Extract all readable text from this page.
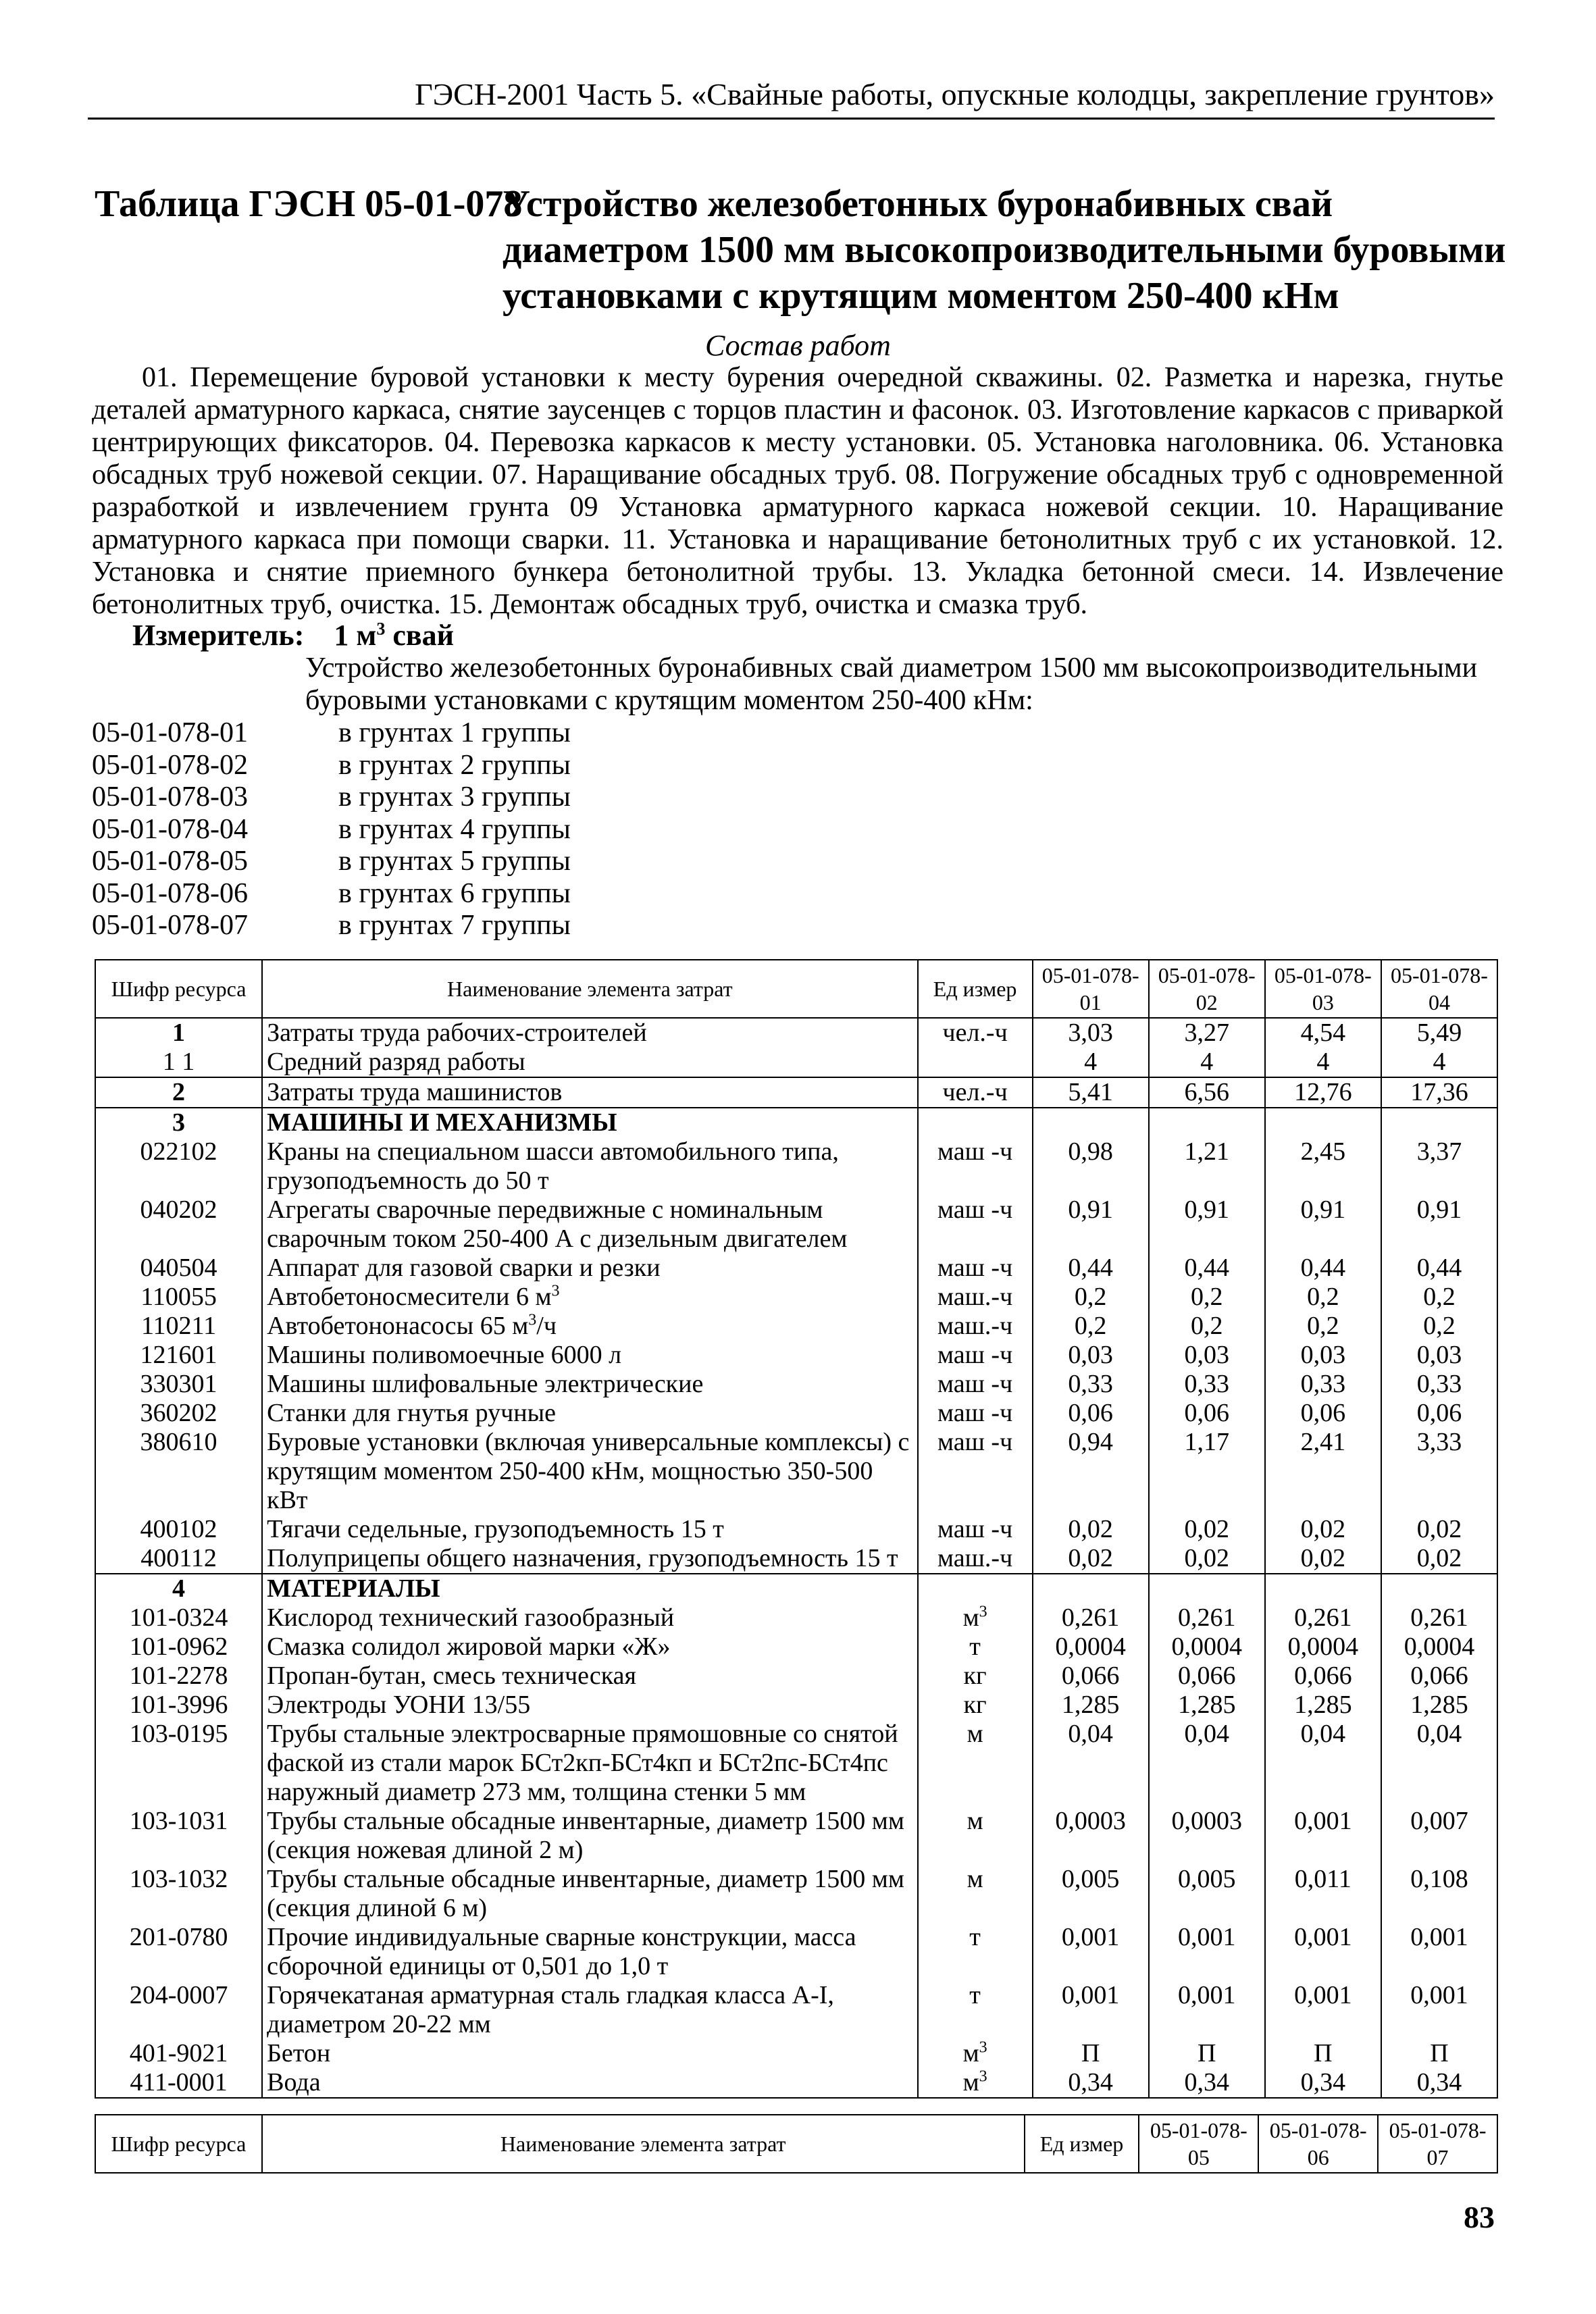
ГЭСН-2001 Часть 5. «Свайные работы, опускные колодцы, закрепление грунтов»
Таблица ГЭСН 05-01-078
Устройство железобетонных буронабивных свай диаметром 1500 мм высокопроизводительными буровыми установками с крутящим моментом 250-400 кНм
Состав работ
01. Перемещение буровой установки к месту бурения очередной скважины. 02. Разметка и нарезка, гнутье деталей арматурного каркаса, снятие заусенцев с торцов пластин и фасонок. 03. Изготовление каркасов с приваркой центрирующих фиксаторов. 04. Перевозка каркасов к месту установки. 05. Установка наголовника. 06. Установка обсадных труб ножевой секции. 07. Наращивание обсадных труб. 08. Погружение обсадных труб с одновременной разработкой и извлечением грунта 09 Установка арматурного каркаса ножевой секции. 10. Наращивание арматурного каркаса при помощи сварки. 11. Установка и наращивание бетонолитных труб с их установкой. 12. Установка и снятие приемного бункера бетонолитной трубы. 13. Укладка бетонной смеси. 14. Извлечение бетонолитных труб, очистка. 15. Демонтаж обсадных труб, очистка и смазка труб.
Измеритель: 1 $м^3$ свай
Устройство железобетонных буронабивных свай диаметром 1500 мм высокопроизводительными буровыми установками с крутящим моментом 250-400 кНм:
05-01-078-01	в грунтах 1 группы
05-01-078-02	в грунтах 2 группы
05-01-078-03	в грунтах 3 группы
05-01-078-04	в грунтах 4 группы
05-01-078-05	в грунтах 5 группы
05-01-078-06	в грунтах 6 группы
05-01-078-07	в грунтах 7 группы
Шифр ресурса	Наименование элемента затрат	Ед измер	05-01-078-01	05-01-078-02	05-01-078-03	05-01-078-04
1	Затраты труда рабочих-строителей	чел.-ч	3,03	3,27	4,54	5,49
1 1	Средний разряд работы		4	4	4	4
2	Затраты труда машинистов	чел.-ч	5,41	6,56	12,76	17,36
3	МАШИНЫ И МЕХАНИЗМЫ					
022102	Краны на специальном шасси автомобильного типа, грузоподъемность до 50 т	маш -ч	0,98	1,21	2,45	3,37
040202	Агрегаты сварочные передвижные с номинальным сварочным током 250-400 А с дизельным двигателем	маш -ч	0,91	0,91	0,91	0,91
040504	Аппарат для газовой сварки и резки	маш -ч	0,44	0,44	0,44	0,44
110055	Автобетоносмесители 6 $м^3$	маш.-ч	0,2	0,2	0,2	0,2
110211	Автобетононасосы 65 $м^3/ч$	маш.-ч	0,2	0,2	0,2	0,2
121601	Машины поливомоечные 6000 л	маш -ч	0,03	0,03	0,03	0,03
330301	Машины шлифовальные электрические	маш -ч	0,33	0,33	0,33	0,33
360202	Станки для гнутья ручные	маш -ч	0,06	0,06	0,06	0,06
380610	Буровые установки (включая универсальные комплексы) с крутящим моментом 250-400 кНм, мощностью 350-500 кВт	маш -ч	0,94	1,17	2,41	3,33
400102	Тягачи седельные, грузоподъемность 15 т	маш -ч	0,02	0,02	0,02	0,02
400112	Полуприцепы общего назначения, грузоподъемность 15 т	маш.-ч	0,02	0,02	0,02	0,02
4	МАТЕРИАЛЫ					
101-0324	Кислород технический газообразный	$м^3$	0,261	0,261	0,261	0,261
101-0962	Смазка солидол жировой марки «Ж»	т	0,0004	0,0004	0,0004	0,0004
101-2278	Пропан-бутан, смесь техническая	кг	0,066	0,066	0,066	0,066
101-3996	Электроды УОНИ 13/55	кг	1,285	1,285	1,285	1,285
103-0195	Трубы стальные электросварные прямошовные со снятой фаской из стали марок БСт2кп-БСт4кп и БСт2пс-БСт4пс наружный диаметр 273 мм, толщина стенки 5 мм	м	0,04	0,04	0,04	0,04
103-1031	Трубы стальные обсадные инвентарные, диаметр 1500 мм (секция ножевая длиной 2 м)	м	0,0003	0,0003	0,001	0,007
103-1032	Трубы стальные обсадные инвентарные, диаметр 1500 мм (секция длиной 6 м)	м	0,005	0,005	0,011	0,108
201-0780	Прочие индивидуальные сварные конструкции, масса сборочной единицы от 0,501 до 1,0 т	т	0,001	0,001	0,001	0,001
204-0007	Горячекатаная арматурная сталь гладкая класса А-I, диаметром 20-22 мм	т	0,001	0,001	0,001	0,001
401-9021	Бетон	$м^3$	П	П	П	П
411-0001	Вода	$м^3$	0,34	0,34	0,34	0,34
Шифр ресурса	Наименование элемента затрат	Ед измер	05-01-078-05	05-01-078-06	05-01-078-07
83
